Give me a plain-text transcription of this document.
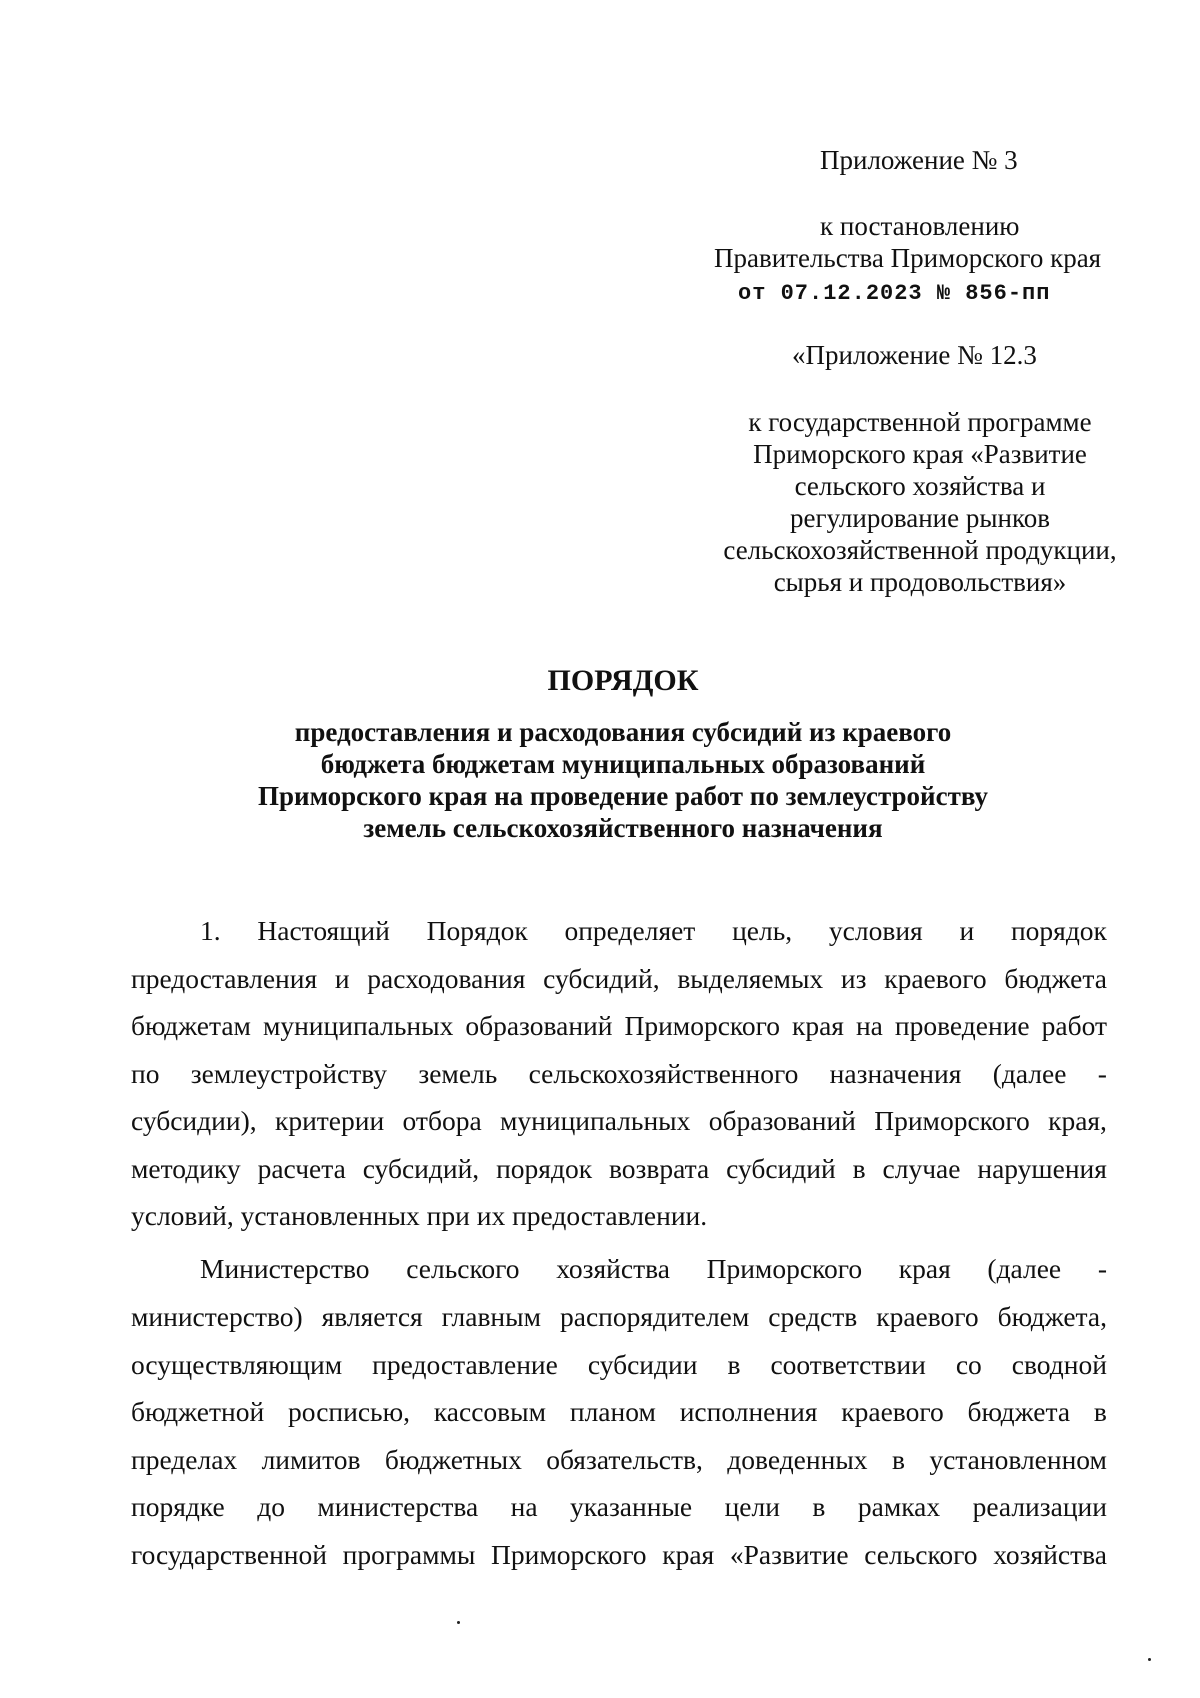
Приложение № 3

к постановлению

Правительства Приморского края

от 07.12.2023 № 856-пп

«Приложение № 12.3

к государственной программе

Приморского края «Развитие

сельского хозяйства и

регулирование рынков

сельскохозяйственной продукции,

сырья и продовольствия»

ПОРЯДОК

предоставления и расходования субсидий из краевого

бюджета бюджетам муниципальных образований

Приморского края на проведение работ по землеустройству

земель сельскохозяйственного назначения

1. Настоящий Порядок определяет цель, условия и порядок

предоставления и расходования субсидий, выделяемых из краевого бюджета

бюджетам муниципальных образований Приморского края на проведение работ

по землеустройству земель сельскохозяйственного назначения (далее -

субсидии), критерии отбора муниципальных образований Приморского края,

методику расчета субсидий, порядок возврата субсидий в случае нарушения

условий, установленных при их предоставлении.

Министерство сельского хозяйства Приморского края (далее -

министерство) является главным распорядителем средств краевого бюджета,

осуществляющим предоставление субсидии в соответствии со сводной

бюджетной росписью, кассовым планом исполнения краевого бюджета в

пределах лимитов бюджетных обязательств, доведенных в установленном

порядке до министерства на указанные цели в рамках реализации

государственной программы Приморского края «Развитие сельского хозяйства
